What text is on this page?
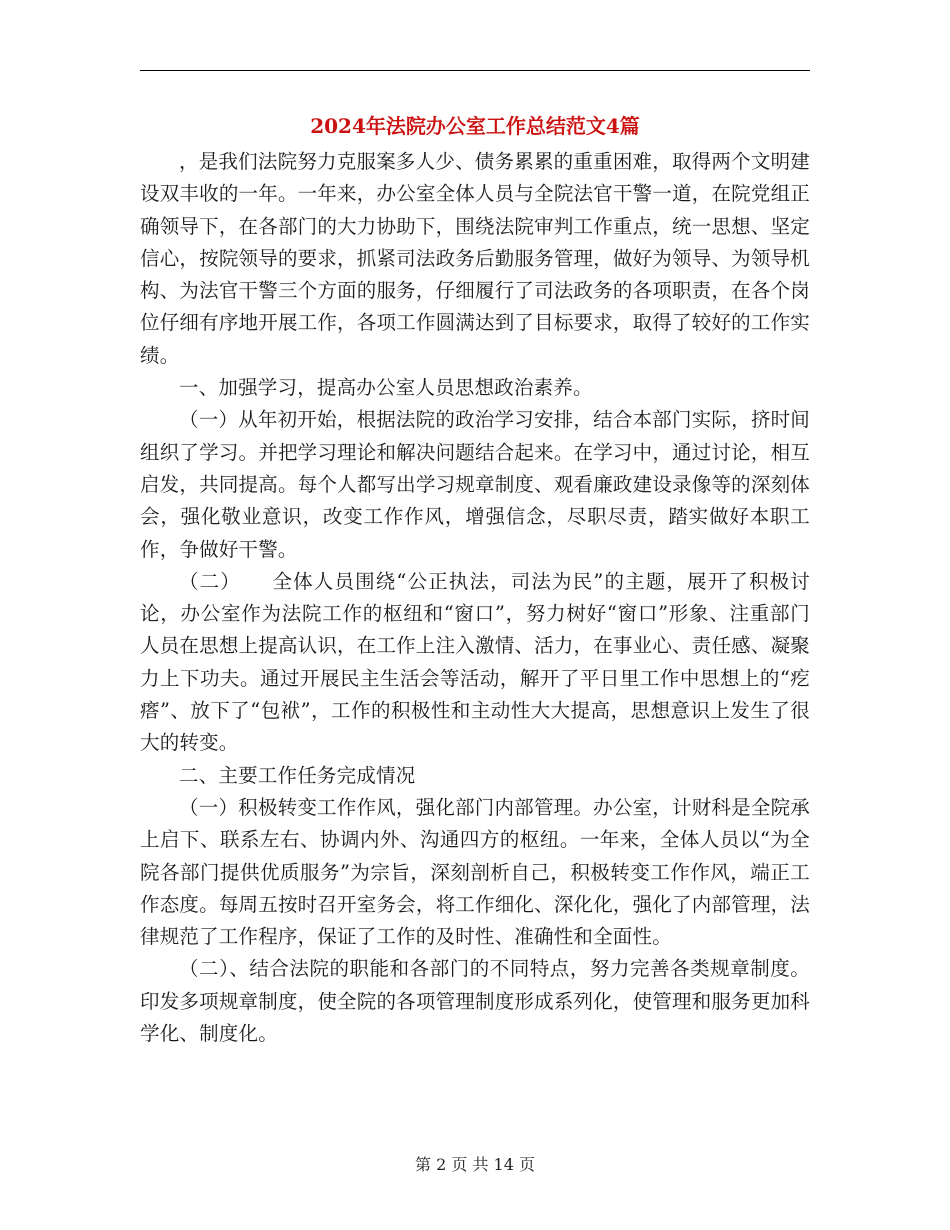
2024年法院办公室工作总结范文4篇

，是我们法院努力克服案多人少、债务累累的重重困难，取得两个文明建设双丰收的一年。一年来，办公室全体人员与全院法官干警一道，在院党组正确领导下，在各部门的大力协助下，围绕法院审判工作重点，统一思想、坚定信心，按院领导的要求，抓紧司法政务后勤服务管理，做好为领导、为领导机构、为法官干警三个方面的服务，仔细履行了司法政务的各项职责，在各个岗位仔细有序地开展工作，各项工作圆满达到了目标要求，取得了较好的工作实绩。

一、加强学习，提高办公室人员思想政治素养。

（一）从年初开始，根据法院的政治学习安排，结合本部门实际，挤时间组织了学习。并把学习理论和解决问题结合起来。在学习中，通过讨论，相互启发，共同提高。每个人都写出学习规章制度、观看廉政建设录像等的深刻体会，强化敬业意识，改变工作作风，增强信念，尽职尽责，踏实做好本职工作，争做好干警。

（二）　　全体人员围绕“公正执法，司法为民”的主题，展开了积极讨论，办公室作为法院工作的枢纽和“窗口”，努力树好“窗口”形象、注重部门人员在思想上提高认识，在工作上注入激情、活力，在事业心、责任感、凝聚力上下功夫。通过开展民主生活会等活动，解开了平日里工作中思想上的“疙瘩”、放下了“包袱”，工作的积极性和主动性大大提高，思想意识上发生了很大的转变。

二、主要工作任务完成情况

（一）积极转变工作作风，强化部门内部管理。办公室，计财科是全院承上启下、联系左右、协调内外、沟通四方的枢纽。一年来，全体人员以“为全院各部门提供优质服务”为宗旨，深刻剖析自己，积极转变工作作风，端正工作态度。每周五按时召开室务会，将工作细化、深化化，强化了内部管理，法律规范了工作程序，保证了工作的及时性、准确性和全面性。

（二）、结合法院的职能和各部门的不同特点，努力完善各类规章制度。印发多项规章制度，使全院的各项管理制度形成系列化，使管理和服务更加科学化、制度化。

第 2 页 共 14 页
